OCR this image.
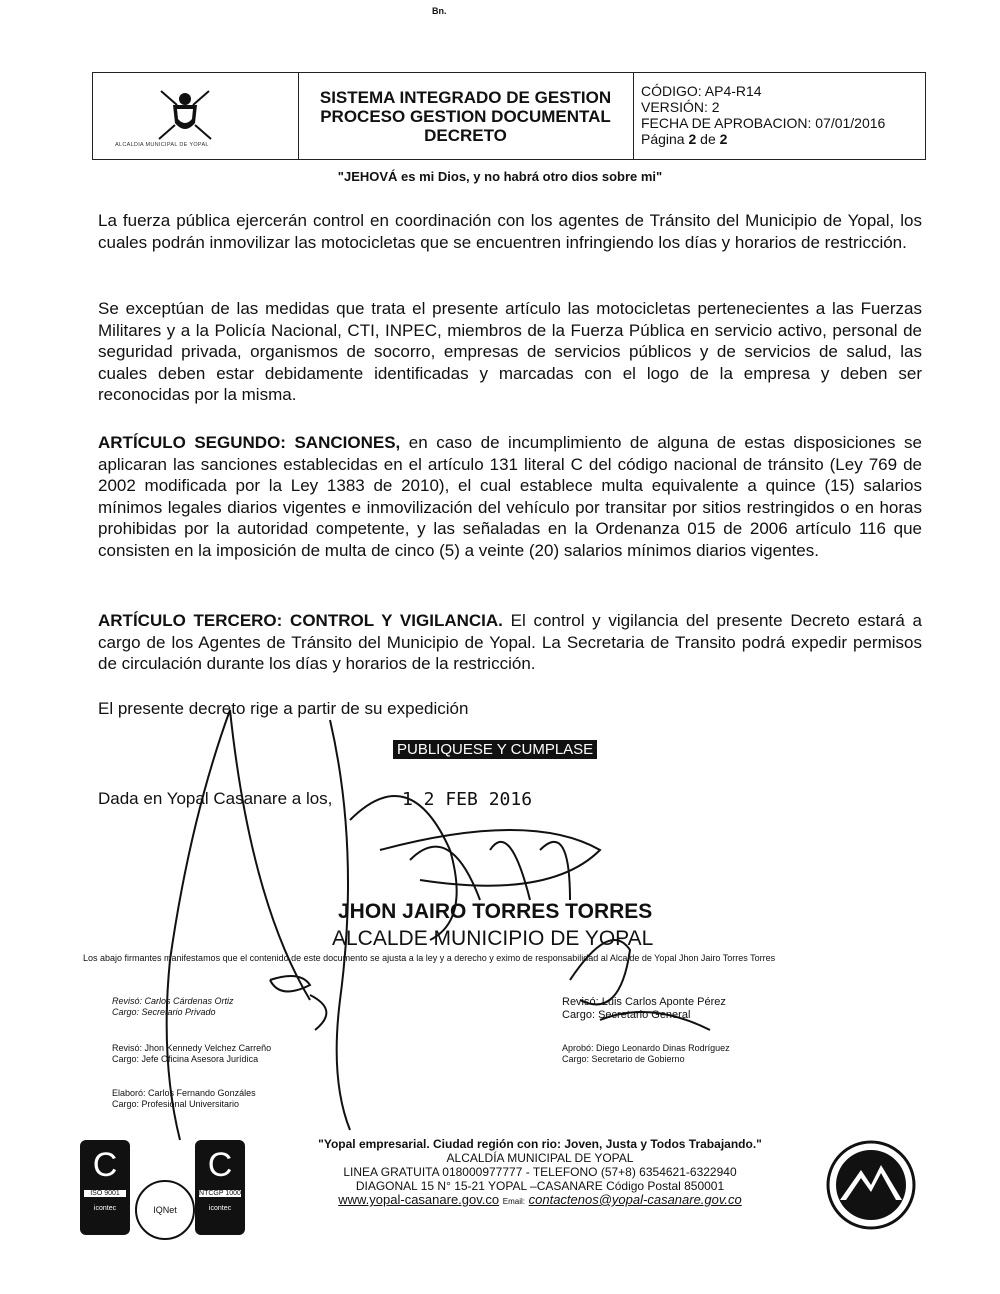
Bn.
ALCALDIA MUNICIPAL DE YOPAL
SISTEMA INTEGRADO DE GESTION
PROCESO GESTION DOCUMENTAL
DECRETO
CÓDIGO: AP4-R14
VERSIÓN: 2
FECHA DE APROBACION: 07/01/2016
Página 2 de 2
"JEHOVÁ es mi Dios, y no habrá otro dios sobre mi"
La fuerza pública ejercerán control en coordinación con los agentes de Tránsito del Municipio de Yopal, los cuales podrán inmovilizar las motocicletas que se encuentren infringiendo los días y horarios de restricción.
Se exceptúan de las medidas que trata el presente artículo las motocicletas pertenecientes a las Fuerzas Militares y a la Policía Nacional, CTI, INPEC, miembros de la Fuerza Pública en servicio activo, personal de seguridad privada, organismos de socorro, empresas de servicios públicos y de servicios de salud, las cuales deben estar debidamente identificadas y marcadas con el logo de la empresa y deben ser reconocidas por la misma.
ARTÍCULO SEGUNDO: SANCIONES, en caso de incumplimiento de alguna de estas disposiciones se aplicaran las sanciones establecidas en el artículo 131 literal C del código nacional de tránsito (Ley 769 de 2002 modificada por la Ley 1383 de 2010), el cual establece multa equivalente a quince (15) salarios mínimos legales diarios vigentes e inmovilización del vehículo por transitar por sitios restringidos o en horas prohibidas por la autoridad competente, y las señaladas en la Ordenanza 015 de 2006 artículo 116 que consisten en la imposición de multa de cinco (5) a veinte (20) salarios mínimos diarios vigentes.
ARTÍCULO TERCERO: CONTROL Y VIGILANCIA. El control y vigilancia del presente Decreto estará a cargo de los Agentes de Tránsito del Municipio de Yopal. La Secretaria de Transito podrá expedir permisos de circulación durante los días y horarios de la restricción.
El presente decreto rige a partir de su expedición
PUBLIQUESE Y CUMPLASE
Dada en Yopal Casanare a los,	1 2 FEB 2016
JHON JAIRO TORRES TORRES
ALCALDE MUNICIPIO DE YOPAL
Los abajo firmantes manifestamos que el contenido de este documento se ajusta a la ley y a derecho y eximo de responsabilidad al Alcalde de Yopal Jhon Jairo Torres Torres
Revisó: Carlos Cárdenas Ortiz
Cargo: Secretario Privado
Revisó: Jhon Kennedy Velchez Carreño
Cargo: Jefe Oficina Asesora Jurídica
Elaboró: Carlos Fernando Gonzáles
Cargo: Profesional Universitario
Revisó: Luis Carlos Aponte Pérez
Cargo: Secretario General
Aprobó: Diego Leonardo Dinas Rodríguez
Cargo: Secretario de Gobierno
C
ISO 9001
icontec	IQNet
C
NTCGP 1000
icontec
"Yopal empresarial. Ciudad región con rio: Joven, Justa y Todos Trabajando."
ALCALDÍA MUNICIPAL DE YOPAL
LINEA GRATUITA 018000977777 - TELEFONO (57+8) 6354621-6322940
DIAGONAL 15 N° 15-21 YOPAL –CASANARE Código Postal 850001
www.yopal-casanare.gov.co Email: contactenos@yopal-casanare.gov.co
